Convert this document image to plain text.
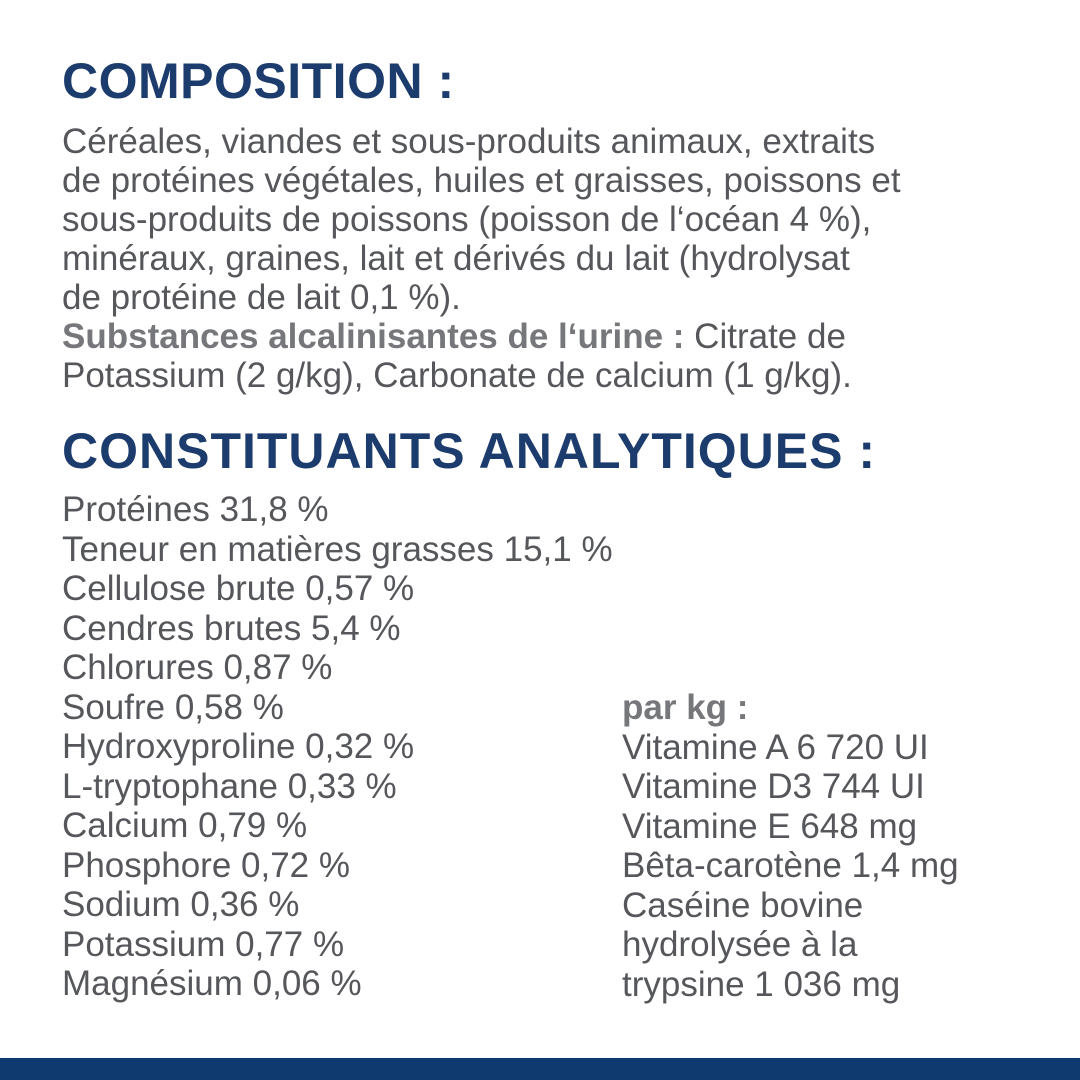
COMPOSITION :
Céréales, viandes et sous-produits animaux, extraits
de protéines végétales, huiles et graisses, poissons et
sous-produits de poissons (poisson de l‘océan 4 %),
minéraux, graines, lait et dérivés du lait (hydrolysat
de protéine de lait 0,1 %).
Substances alcalinisantes de l‘urine : Citrate de
Potassium (2 g/kg), Carbonate de calcium (1 g/kg).
CONSTITUANTS ANALYTIQUES :
Protéines 31,8 %
Teneur en matières grasses 15,1 %
Cellulose brute 0,57 %
Cendres brutes 5,4 %
Chlorures 0,87 %
Soufre 0,58 %
Hydroxyproline 0,32 %
L-tryptophane 0,33 %
Calcium 0,79 %
Phosphore 0,72 %
Sodium 0,36 %
Potassium 0,77 %
Magnésium 0,06 %
par kg :
Vitamine A 6 720 UI
Vitamine D3 744 UI
Vitamine E 648 mg
Bêta-carotène 1,4 mg
Caséine bovine
hydrolysée à la
trypsine 1 036 mg
